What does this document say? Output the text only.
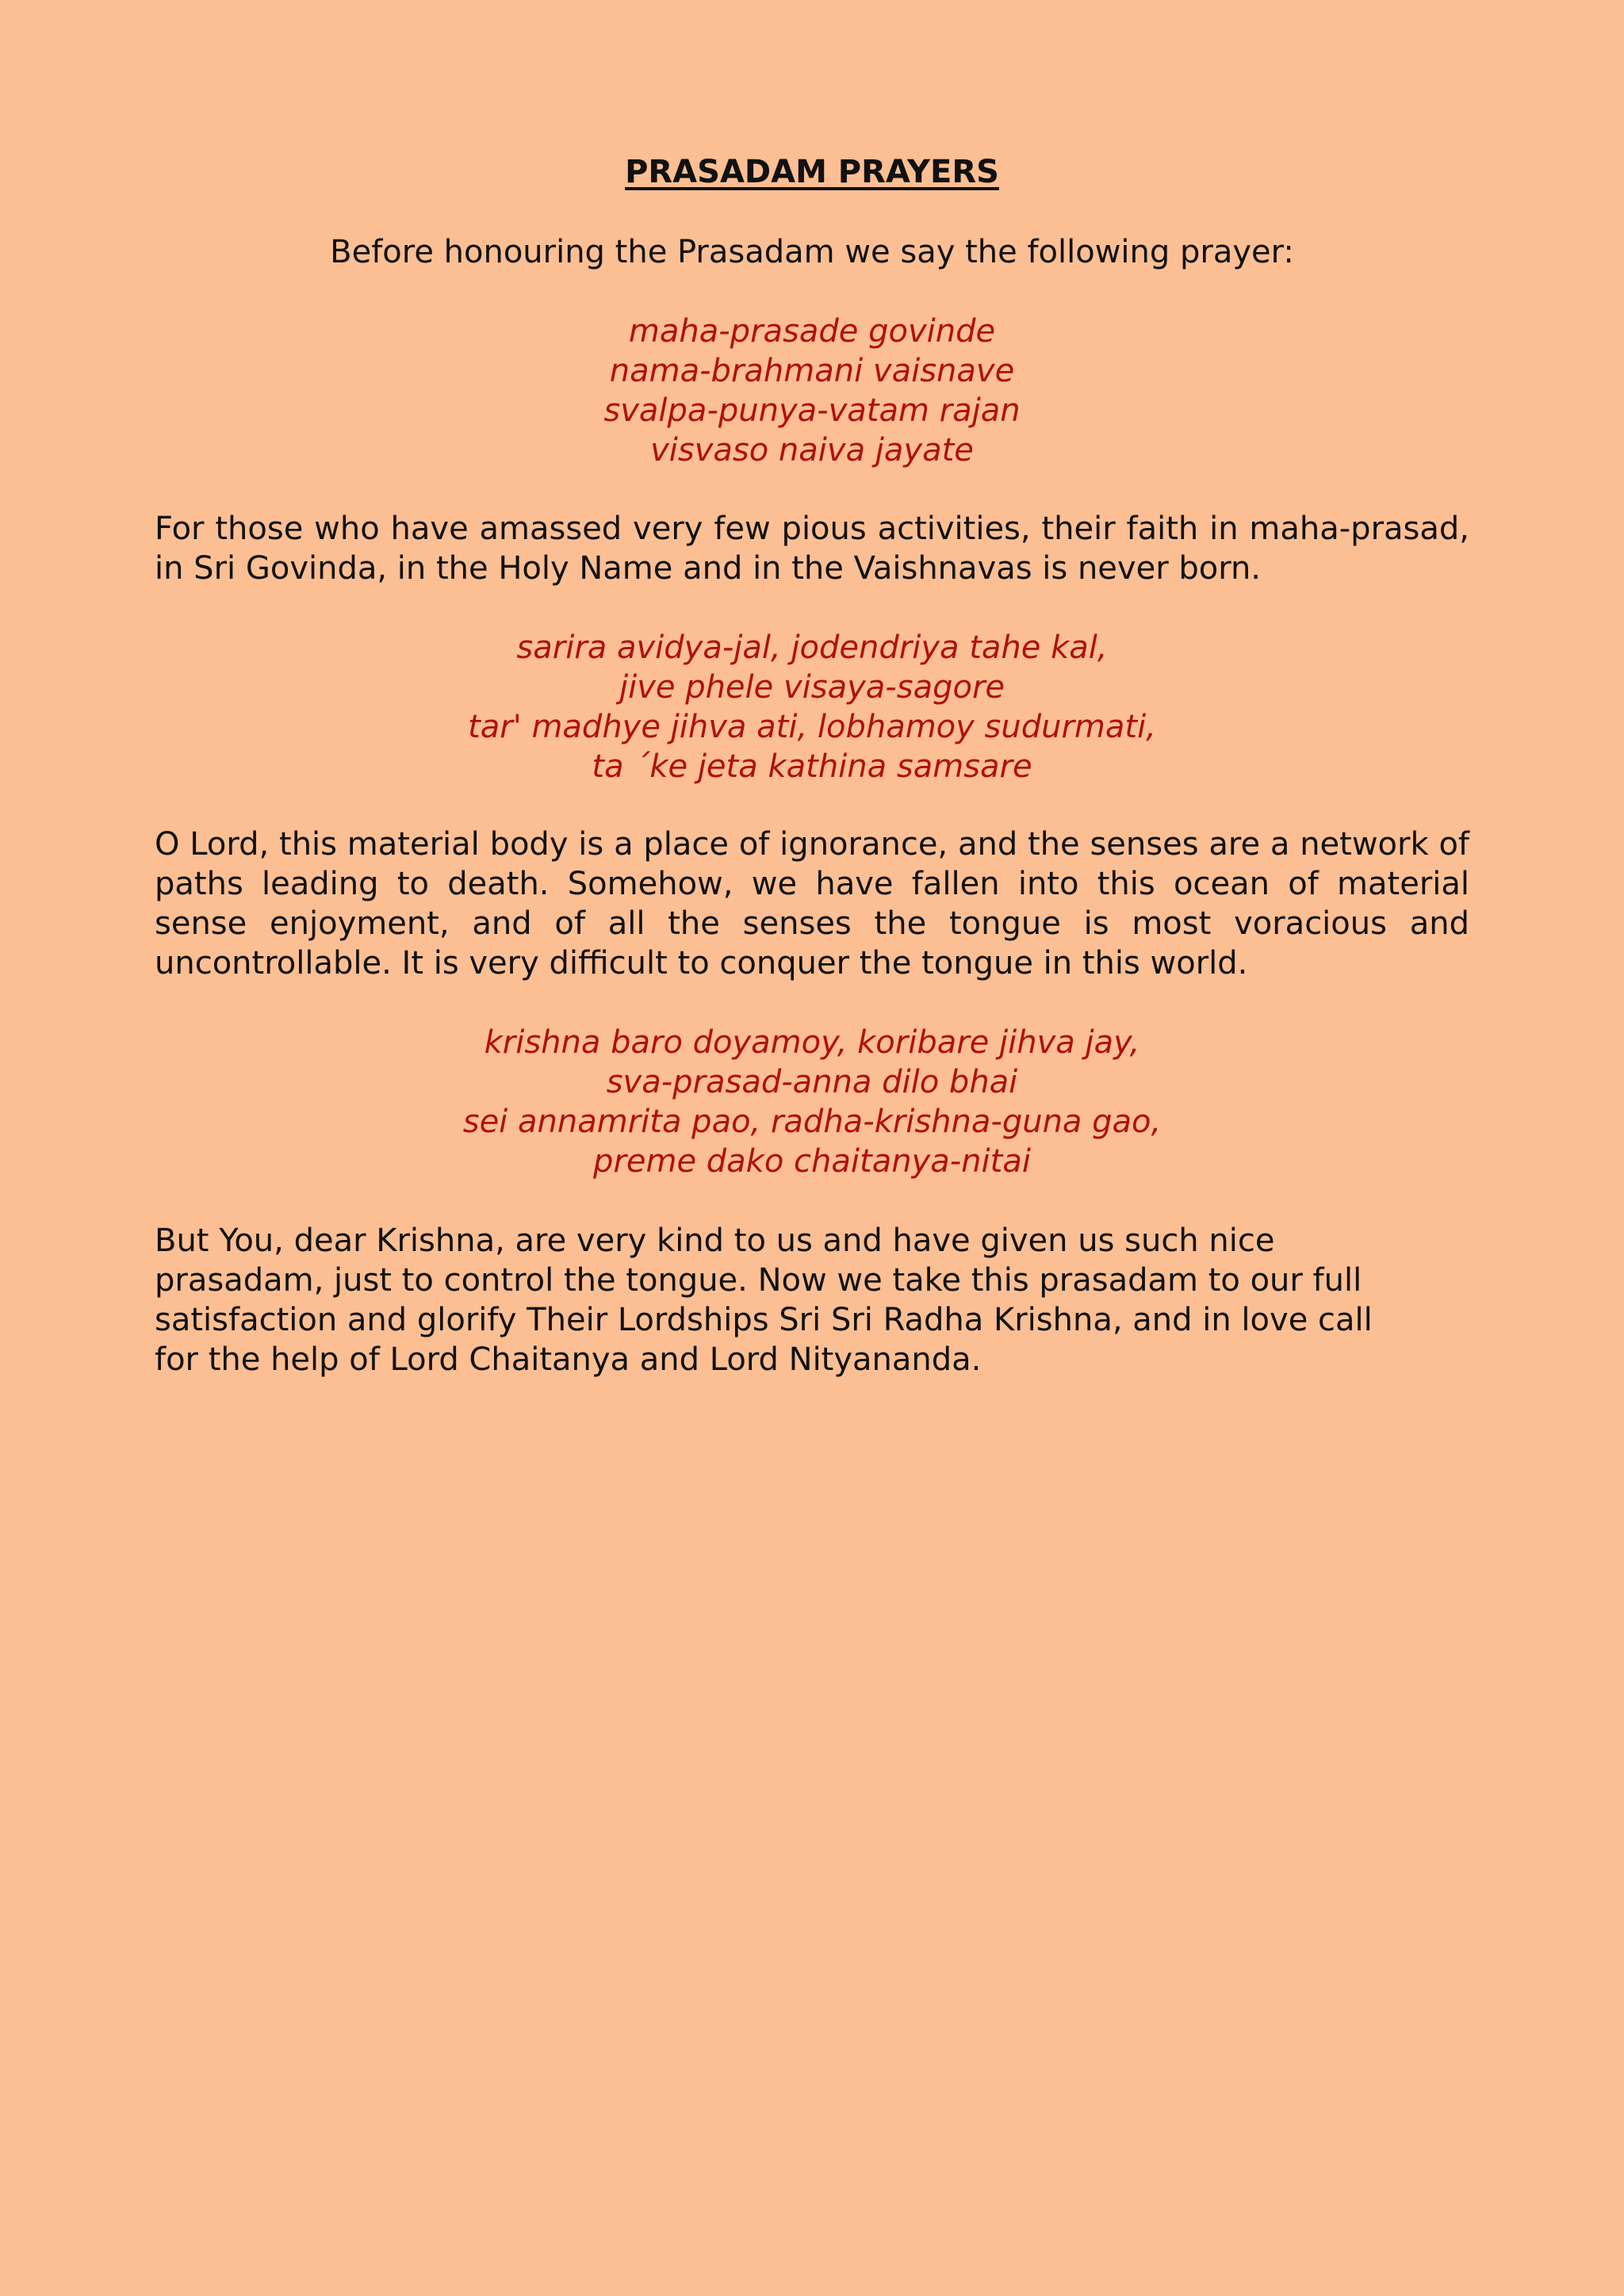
PRASADAM PRAYERS

Before honouring the Prasadam we say the following prayer:

maha-prasade govinde
nama-brahmani vaisnave
svalpa-punya-vatam rajan
visvaso naiva jayate

For those who have amassed very few pious activities, their faith in maha-prasad, in Sri Govinda, in the Holy Name and in the Vaishnavas is never born.

sarira avidya-jal, jodendriya tahe kal,
jive phele visaya-sagore
tar' madhye jihva ati, lobhamoy sudurmati,
ta ´ke jeta kathina samsare

O Lord, this material body is a place of ignorance, and the senses are a network of paths leading to death. Somehow, we have fallen into this ocean of material sense enjoyment, and of all the senses the tongue is most voracious and uncontrollable. It is very difficult to conquer the tongue in this world.

krishna baro doyamoy, koribare jihva jay,
sva-prasad-anna dilo bhai
sei annamrita pao, radha-krishna-guna gao,
preme dako chaitanya-nitai
But You, dear Krishna, are very kind to us and have given us such nice
prasadam, just to control the tongue. Now we take this prasadam to our full
satisfaction and glorify Their Lordships Sri Sri Radha Krishna, and in love call
for the help of Lord Chaitanya and Lord Nityananda.
